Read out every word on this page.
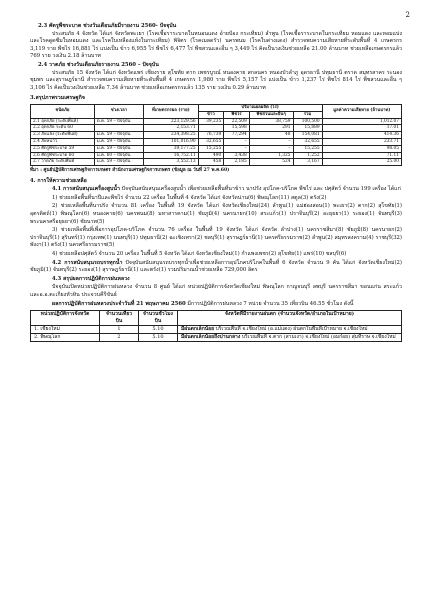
2
2.3 ศัตรูพืชระบาด ช่วงวันเตือนภัยมีรายงาน 2560- ปัจจุบัน
ประสบภัย 4 จังหวัด ได้แก่ จังหวัดพะเยา (โรคเชื้อราระบาดในหนอนแดง อ้ายป้อง กระเทียม) ลำพูน (โรคเชื้อราระบาดในกระเทียม หอมแดง และหอมแบ่ง และโรคดูดซึมในหอมแดง และโรคใบเหลืองแห้งในกระเทียม) พิจิตร (โรคเมลดรัว) นครพนม (โรคใบด่างแดง) สำรวจพบความเสียหายที่ระดับพื้นที่ 4 เกษตรกร 3,119 ราย พืชไร่ 16,881 ไร่ แบ่งเป็น ข้าว 6,955 ไร่ พืชไร่ 6,477 ไร่ พืชสวนและอื่น ๆ 3,449 ไร่ คิดเป็นวงเงินช่วยเหลือ 21.00 ล้านบาท ช่วยเหลือเกษตรกรแล้ว 769 ราย วงเงิน 2.18 ล้านบาท
2.4 วาตภัย ช่วงวันเตือนภัยรายงาน 2560 – ปัจจุบัน
ประสบภัย 15 จังหวัด ได้แก่ จังหวัดแพร่ เชียงราย สุโขทัย ตาก เพชรบูรณ์ หนองคาย สกลนคร หนองบัวลำภู อุดรธานี ปทุมธานี ตราด สมุทรสาคร ระนอง ชุมพร และสุราษฎร์ธานี สำรวจพบความเสียหายที่ระดับพื้นที่ 4 เกษตรกร 1,980 ราย พืชไร่ 5,157 ไร่ แบ่งเป็น ข้าว 1,237 ไร่ พืชไร่ 814 ไร่ พืชสวนและอื่น ๆ 3,106 ไร่ คิดเป็นวงเงินช่วยเหลือ 7.34 ล้านบาท ช่วยเหลือเกษตรกรแล้ว 135 ราย วงเงิน 0.29 ล้านบาท
3.สรุปภาพรวมเศรษฐกิจ
ชนิดภัย	ช่วงเวลา	ที่เกษตรกรผล (ราย)	ปริมาณผลผลิต (ไร่)				มูลค่าความเสียหาย (ล้านบาท)
			ข้าว	พืชไร่	พืชสวนและอื่นๆ	รวม	
2.1 อุทกภัย (ระดับพื้นที่)	ต.ค. 59 – ปัจจุบัน	223,129.56	39,235	22,509	38,759	100,500	1,012.07
2.2 อุทกภัย ระดับ 60		2,153.71		15,598	291	15,889	17.01
2.3 ภัยแล้ง (ระดับพื้นที่)	ม.ค. 59 – ปัจจุบัน	234,398.25	76,739	77,294	48	154,081	414.36
2.4 ภัยหนาว	ม.ค. 59 – ปัจจุบัน	101,016.90	32,655	–	–	32,655	233.71
2.5 ศัตรูพืชระบาด 59	ม.ค. 59 – ปัจจุบัน	39,177.25	15,255	–	–	15,255	98.05
2.6 ศัตรูพืชระบาด 60	ม.ค. 60 – ปัจจุบัน	16,752.11	490	3,438	1,325	1,252	71.11
2.7 วาตภัย ระดับพื้นที่	ม.ค. 59 – ปัจจุบัน	3,552.13	458	2,185	524	3,167	25.00
ที่มา : ศูนย์ปฏิบัติการเศรษฐกิจการเกษตร สำนักงานเศรษฐกิจการเกษตร (ข้อมูล ณ วันที่ 27 พ.ค.60)
4. การให้ความช่วยเหลือ
4.1 การสนับสนุนเครื่องสูบน้ำ ปัจจุบันสนับสนุนเครื่องสูบน้ำ เพื่อช่วยเหลือพื้นที่นาข้าว นาปรัง อุปโภค-บริโภค พืชไร่ และ ปศุสัตว์ จำนวน 199 เครื่อง ได้แก่
1) ช่วยเหลือพื้นที่นาปีและพืชไร่ จำนวน 22 เครื่อง ในพื้นที่ 4 จังหวัด ได้แก่ จังหวัดน่าน(6) พิษณุโลก(11) สตูล(3) ตรัง(2)
2) ช่วยเหลือพื้นที่นาปรัง จำนวน 81 เครื่อง ในพื้นที่ 19 จังหวัด ได้แก่ จังหวัดเชียงใหม่(24) ลำพูน(1) แม่ฮ่องสอน(1) พะเยา(2) ตาก(2) สุโขทัย(1) อุตรดิตถ์(1) พิษณุโลก(6) หนองคาย(6) นครพนม(8) มหาสารคาม(1) ชัยภูมิ(4) นครนายก(10) สระแก้ว(1) ปราจีนบุรี(2) อะยุธยา(1) ระยอง(1) จันทบุรี(3) พระนครศรีอยุธยา(6) ชัยนาท(5)
3) ช่วยเหลือพื้นที่เพื่อการอุปโภค-บริโภค จำนวน 76 เครื่อง ในพื้นที่ 19 จังหวัด ได้แก่ จังหวัด ลำปาง(1) นครราชสีมา(8) ชัยภูมิ(8) นครนายก(2) ปราจีนบุรี(1) สุรินทร์(1) กรุงเทพ(1) นนทบุรี(1) ปทุมธานี(2) ฉะเชิงเทรา(2) ชลบุรี(1) สุราษฎร์ธานี(1) นครศรีธรรมราช(2) ลำพูน(2) สมุทรสงคราม(4) ราชบุรี(32) พังงา(1) ตรัง(1) นครศรีธรรมราช(5)
4) ช่วยเหลือปศุสัตว์ จำนวน 20 เครื่อง ในพื้นที่ 5 จังหวัด ได้แก่ จังหวัดเชียงใหม่(1) กำแพงเพชร(2) สุโขทัย(1) แพร่(10) ชลบุรี(6)
4.2 การสนับสนุนรถบรรทุกน้ำ ปัจจุบันสนับสนุนรถบรรทุกน้ำเพื่อช่วยเหลือการอุปโภคบริโภคในพื้นที่ 6 จังหวัด จำนวน 9 คัน ได้แก่ จังหวัดเชียงใหม่(2) ชัยภูมิ(1) จันทบุรี(2) ระยอง(1) สุราษฎร์ธานี(1) และตรัง(1) รวมปริมาณน้ำช่วยเหลือ 729,000 ลิตร
4.3 สรุปผลการปฏิบัติการฝนหลวง
ปัจจุบันเปิดหน่วยปฏิบัติการฝนหลวง จำนวน 8 ศูนย์ ได้แก่ หน่วยปฏิบัติการจังหวัดเชียงใหม่ พิษณุโลก กาญจนบุรี ลพบุรี นครราชสีมา ขอนแก่น สระแก้ว และอ.อ.ตะเกียงหัวหิน ประจวบคีรีขันธ์
ผลการปฏิบัติการฝนหลวงประจำวันที่ 21 พฤษภาคม 2560 มีการปฏิบัติการฝนหลวง 7 หน่วย จำนวน 35 เที่ยวบิน 46.55 ชั่วโมง ดังนี้
หน่วยปฏิบัติการจังหวัด	จำนวนเที่ยวบิน	จำนวนชั่วโมงบิน	จังหวัดที่มีรายงานฝนตก (จำนวนจังหวัด/อำเภอในเป้าหมาย)
1. เชียงใหม่	1	5.10	มีฝนตกเล็กน้อย บริเวณพื้นที่ จ.เชียงใหม่ (อ.แม่แตง) ฝนตกในพื้นที่เป้าหมาย จ.เชียงใหม่
2. พิษณุโลก	2	5.10	มีฝนตกเล็กน้อยถึงปานกลาง บริเวณพื้นที่ จ.ตาก (สามเงา) จ.เชียงใหม่ (อมก๋อย) สุ่มที่ราษ จ.เชียงใหม่
